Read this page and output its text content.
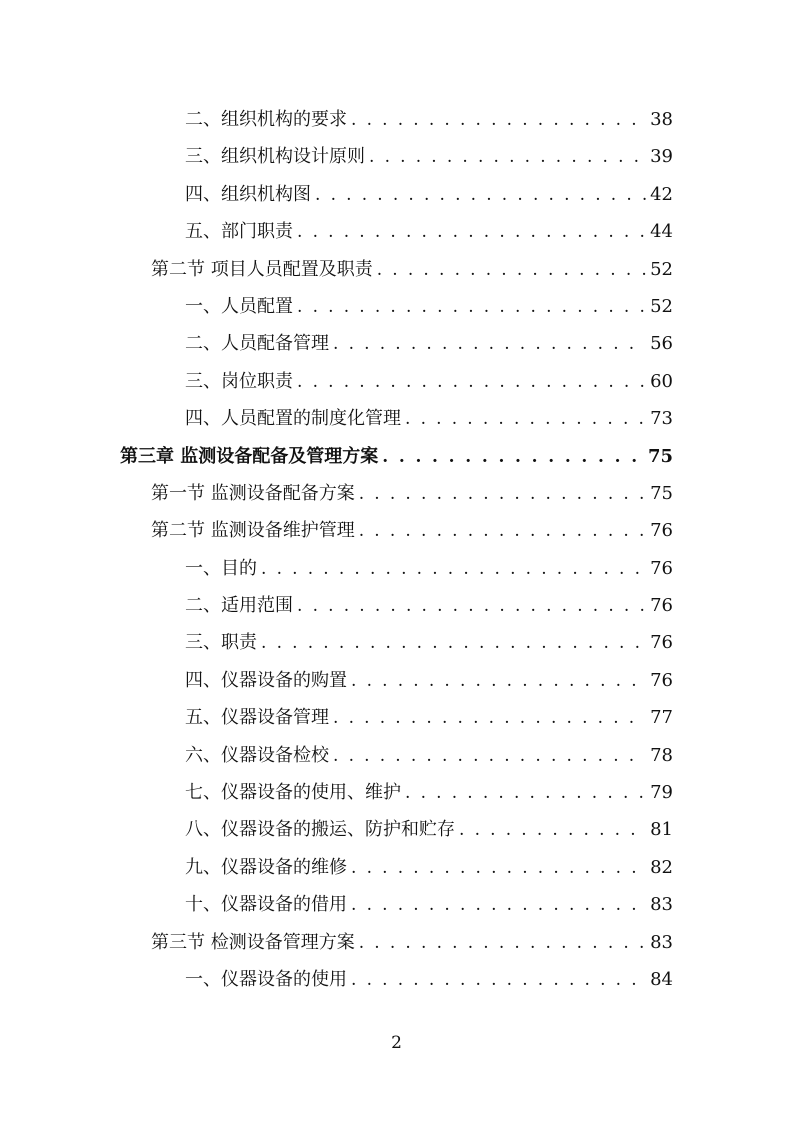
二、组织机构的要求 . . .	38
三、组织机构设计原则 . . .	39
四、组织机构图 . . .	42
五、部门职责 . . .	44
第二节 项目人员配置及职责 . . .	52
一、人员配置 . . .	52
二、人员配备管理 . . .	56
三、岗位职责 . . .	60
四、人员配置的制度化管理 . . .	73
第三章 监测设备配备及管理方案 . . .	75
第一节 监测设备配备方案 . . .	75
第二节 监测设备维护管理 . . .	76
一、目的 . . .	76
二、适用范围 . . .	76
三、职责 . . .	76
四、仪器设备的购置 . . .	76
五、仪器设备管理 . . .	77
六、仪器设备检校 . . .	78
七、仪器设备的使用、维护 . . .	79
八、仪器设备的搬运、防护和贮存 . . .	81
九、仪器设备的维修 . . .	82
十、仪器设备的借用 . . .	83
第三节 检测设备管理方案 . . .	83
一、仪器设备的使用 . . .	84
2
